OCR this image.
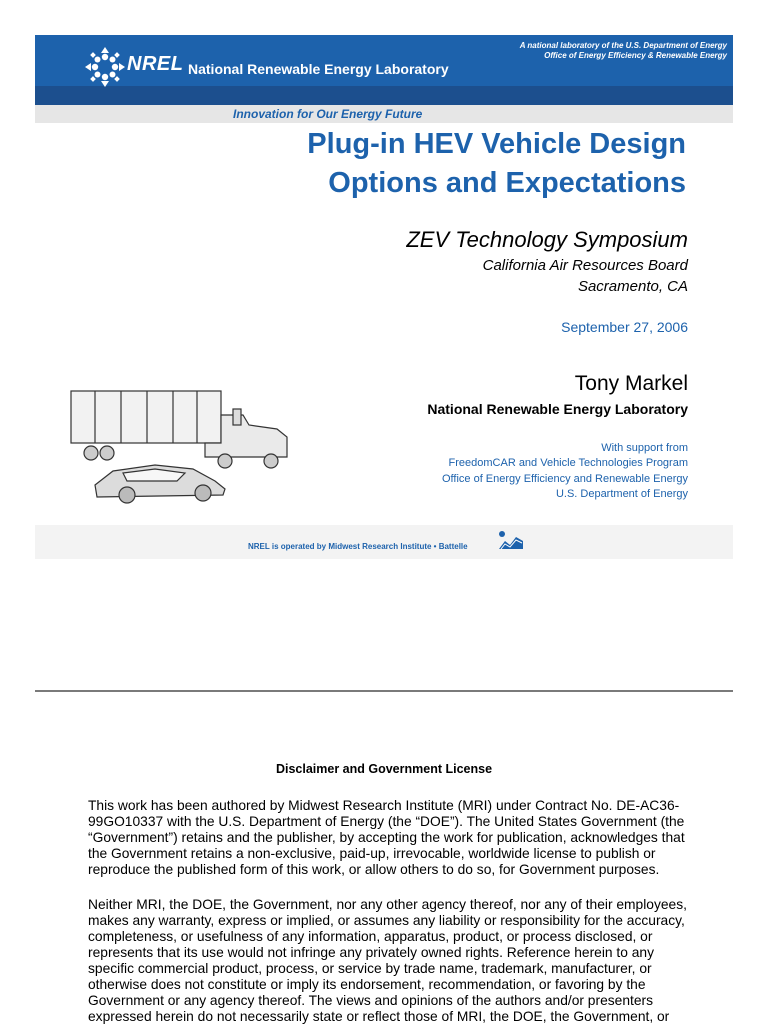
NREL National Renewable Energy Laboratory
A national laboratory of the U.S. Department of Energy
Office of Energy Efficiency & Renewable Energy
Innovation for Our Energy Future
Plug-in HEV Vehicle Design
Options and Expectations
ZEV Technology Symposium
California Air Resources Board
Sacramento, CA
September 27, 2006
Tony Markel
National Renewable Energy Laboratory
With support from
FreedomCAR and Vehicle Technologies Program
Office of Energy Efficiency and Renewable Energy
U.S. Department of Energy
NREL is operated by Midwest Research Institute • Battelle
Disclaimer and Government License
This work has been authored by Midwest Research Institute (MRI) under Contract No. DE-AC36-
99GO10337 with the U.S. Department of Energy (the “DOE”). The United States Government (the
“Government”) retains and the publisher, by accepting the work for publication, acknowledges that
the Government retains a non-exclusive, paid-up, irrevocable, worldwide license to publish or
reproduce the published form of this work, or allow others to do so, for Government purposes.
Neither MRI, the DOE, the Government, nor any other agency thereof, nor any of their employees,
makes any warranty, express or implied, or assumes any liability or responsibility for the accuracy,
completeness, or usefulness of any information, apparatus, product, or process disclosed, or
represents that its use would not infringe any privately owned rights. Reference herein to any
specific commercial product, process, or service by trade name, trademark, manufacturer, or
otherwise does not constitute or imply its endorsement, recommendation, or favoring by the
Government or any agency thereof. The views and opinions of the authors and/or presenters
expressed herein do not necessarily state or reflect those of MRI, the DOE, the Government, or
